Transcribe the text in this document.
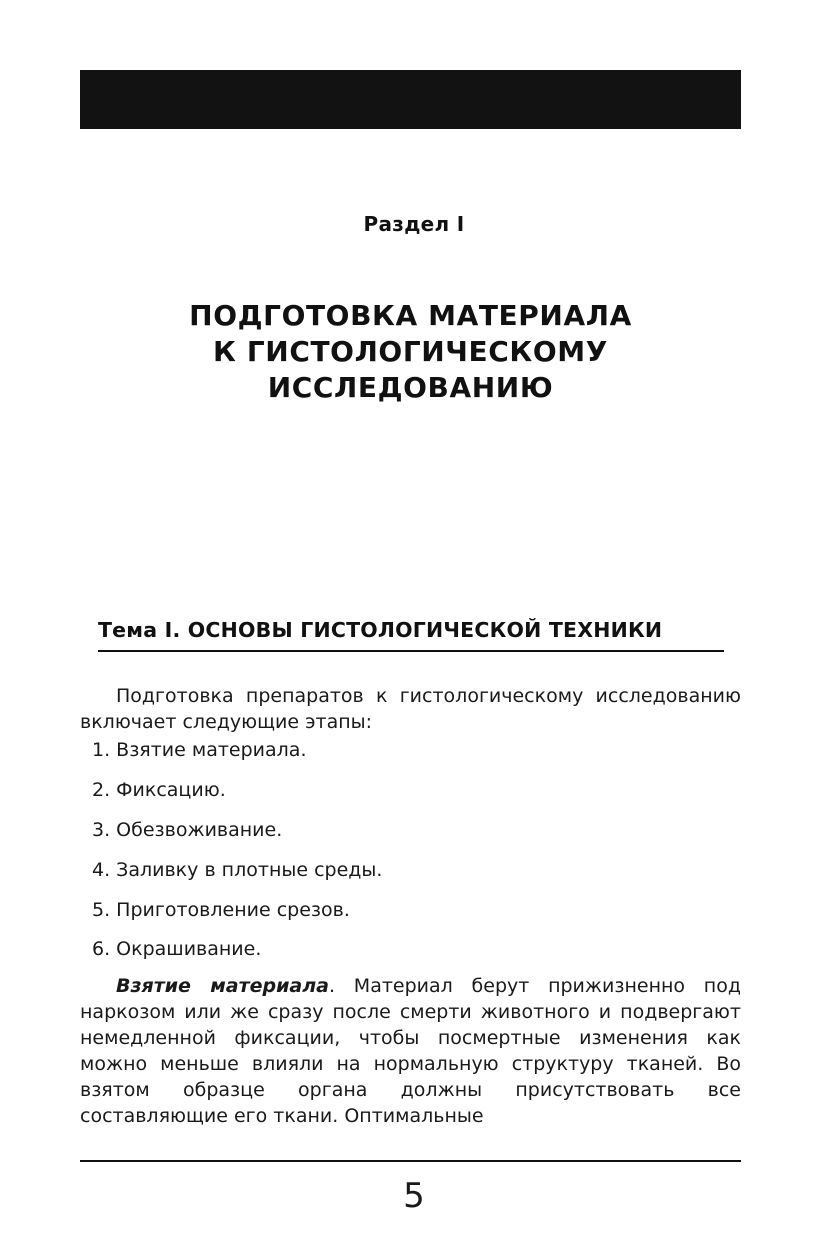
Раздел I
ПОДГОТОВКА МАТЕРИАЛА
К ГИСТОЛОГИЧЕСКОМУ
ИССЛЕДОВАНИЮ
Тема I. ОСНОВЫ ГИСТОЛОГИЧЕСКОЙ ТЕХНИКИ

Подготовка препаратов к гистологическому исследованию включает следующие этапы:

1. Взятие материала.
2. Фиксацию.
3. Обезвоживание.
4. Заливку в плотные среды.
5. Приготовление срезов.
6. Окрашивание.

Взятие материала. Материал берут прижизненно под наркозом или же сразу после смерти животного и подвергают немедленной фиксации, чтобы посмертные изменения как можно меньше влияли на нормальную структуру тканей. Во взятом образце органа должны присутствовать все составляющие его ткани. Оптимальные

5
